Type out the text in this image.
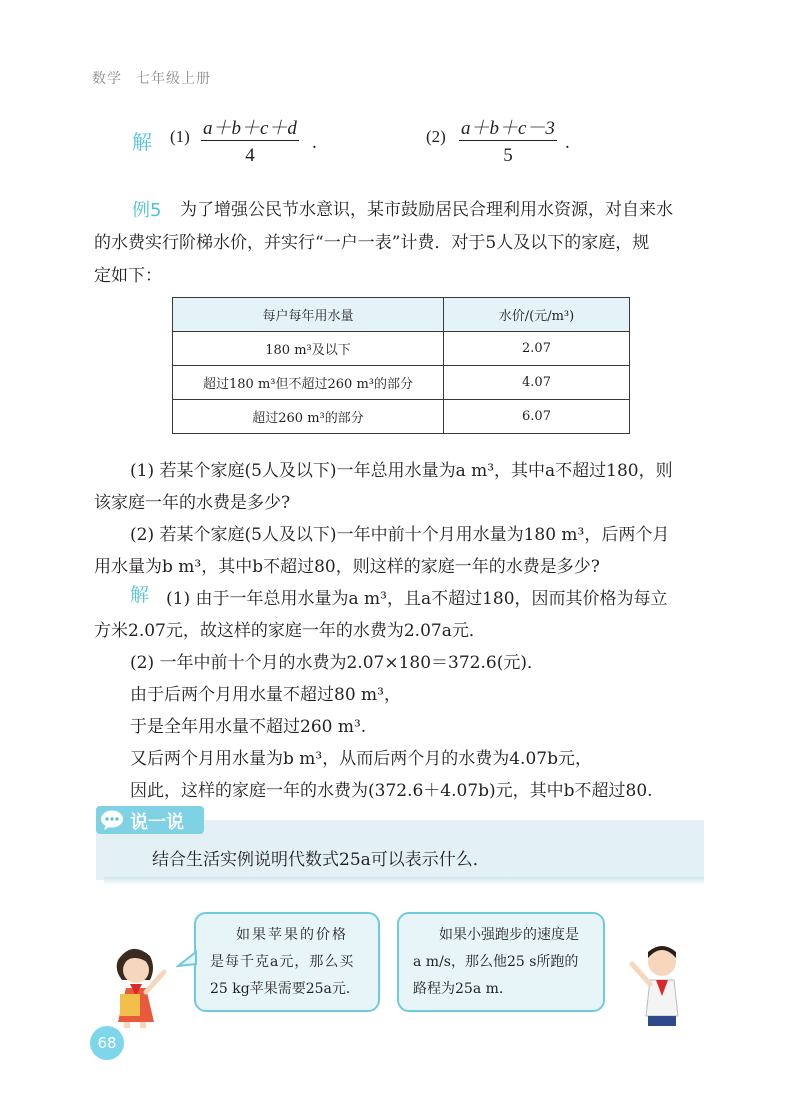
数学 七年级上册
解 $(1) \frac{a+b+c+d}{4}$ .	$(2) \frac{a+b+c-3}{5}$ .
例5 为了增强公民节水意识，某市鼓励居民合理利用水资源，对自来水
的水费实行阶梯水价，并实行“一户一表”计费．对于5人及以下的家庭，规
定如下：
每户每年用水量	水价/(元/m³)
180 m³及以下	2.07
超过180 m³但不超过260 m³的部分	4.07
超过260 m³的部分	6.07
(1) 若某个家庭(5人及以下)一年总用水量为a m³，其中a不超过180，则
该家庭一年的水费是多少?
(2) 若某个家庭(5人及以下)一年中前十个月用水量为180 m³，后两个月
用水量为b m³，其中b不超过80，则这样的家庭一年的水费是多少?
解 (1) 由于一年总用水量为a m³，且a不超过180，因而其价格为每立
方米2.07元，故这样的家庭一年的水费为2.07a元．
(2) 一年中前十个月的水费为2.07×180＝372.6(元)．
由于后两个月用水量不超过80 m³，
于是全年用水量不超过260 m³.
又后两个月用水量为b m³，从而后两个月的水费为4.07b元，
因此，这样的家庭一年的水费为(372.6＋4.07b)元，其中b不超过80.
说一说
结合生活实例说明代数式25a可以表示什么．
如果苹果的价格
是每千克a元，那么买
25 kg苹果需要25a元．
如果小强跑步的速度是
a m/s，那么他25 s所跑的
路程为25a m.
68
